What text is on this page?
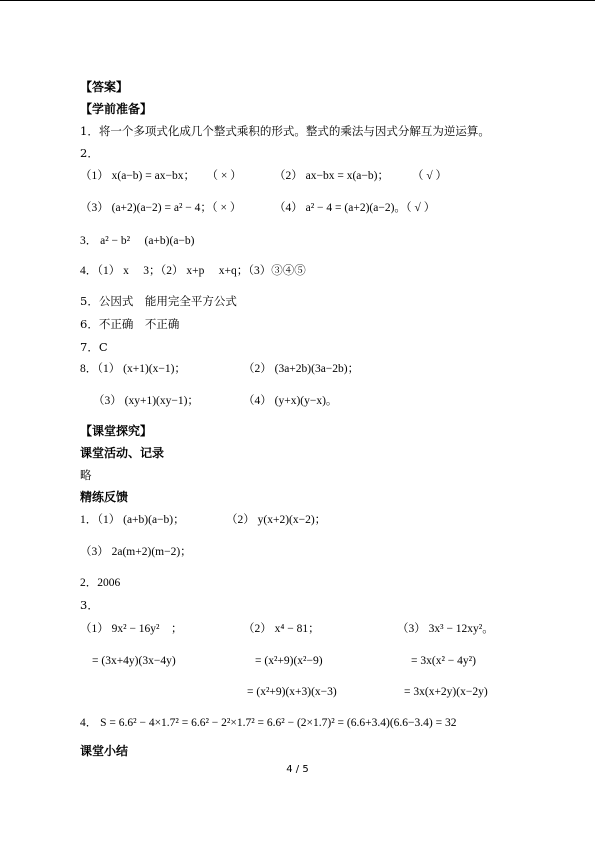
【答案】
【学前准备】
1．将一个多项式化成几个整式乘积的形式。整式的乘法与因式分解互为逆运算。
2．
（1） x(a−b) = ax−bx；　　（ × ）	（2） ax−bx = x(a−b)；　　　（ √ ）
（3） (a+2)(a−2) = a² − 4；（ × ）	（4） a² − 4 = (a+2)(a−2)。（ √ ）
3． a² − b²　 (a+b)(a−b)
4．（1） x　 3；（2） x+p　 x+q；（3）③④⑤
5．公因式　能用完全平方公式
6．不正确　不正确
7．C
8．（1） (x+1)(x−1)；	（2） (3a+2b)(3a−2b)；
（3） (xy+1)(xy−1)；	（4） (y+x)(y−x)。
【课堂探究】
课堂活动、记录
略
精练反馈
1．（1） (a+b)(a−b)；	（2） y(x+2)(x−2)；
（3） 2a(m+2)(m−2)；
2．2006
3．
（1） 9x² − 16y²　；
= (3x+4y)(3x−4y)
（2） x⁴ − 81；
= (x²+9)(x²−9)
= (x²+9)(x+3)(x−3)
（3） 3x³ − 12xy²。
= 3x(x² − 4y²)
= 3x(x+2y)(x−2y)
4． S = 6.6² − 4×1.7² = 6.6² − 2²×1.7² = 6.6² − (2×1.7)² = (6.6+3.4)(6.6−3.4) = 32
课堂小结
4 / 5
